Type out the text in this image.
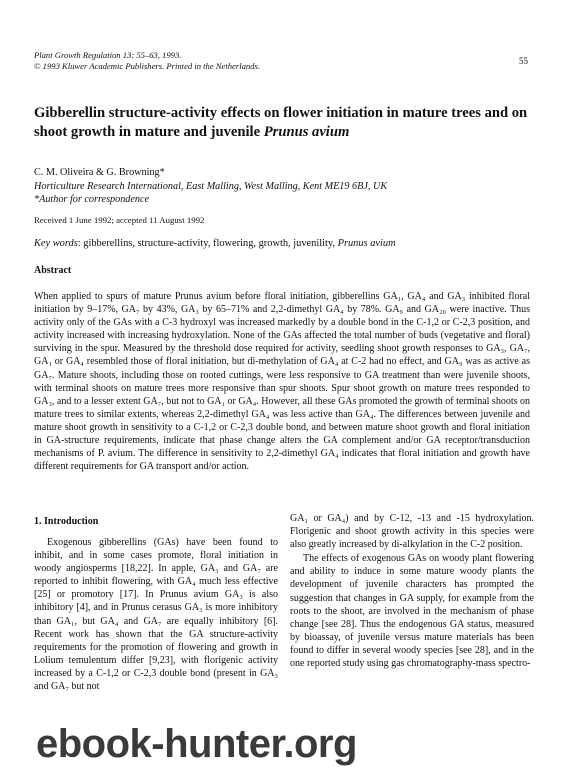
Plant Growth Regulation 13: 55–63, 1993.
© 1993 Kluwer Academic Publishers. Printed in the Netherlands.	55
Gibberellin structure-activity effects on flower initiation in mature trees and on shoot growth in mature and juvenile Prunus avium
C. M. Oliveira & G. Browning*
Horticulture Research International, East Malling, West Malling, Kent ME19 6BJ, UK
*Author for correspondence
Received 1 June 1992; accepted 11 August 1992
Key words: gibberellins, structure-activity, flowering, growth, juvenility, Prunus avium
Abstract
When applied to spurs of mature Prunus avium before floral initiation, gibberellins GA₁, GA₄ and GA₃ inhibited floral initiation by 9–17%, GA₇ by 43%, GA₃ by 65–71% and 2,2-dimethyl GA₄ by 78%. GA₉ and GA₂₀ were inactive. Thus activity only of the GAs with a C-3 hydroxyl was increased markedly by a double bond in the C-1,2 or C-2,3 position, and activity increased with increasing hydroxylation. None of the GAs affected the total number of buds (vegetative and floral) surviving in the spur. Measured by the threshold dose required for activity, seedling shoot growth responses to GA₃, GA₇, GA₁ or GA₄ resembled those of floral initiation, but di-methylation of GA₄ at C-2 had no effect, and GA₉ was as active as GA₇. Mature shoots, including those on rooted cuttings, were less responsive to GA treatment than were juvenile shoots, with terminal shoots on mature trees more responsive than spur shoots. Spur shoot growth on mature trees responded to GA₃, and to a lesser extent GA₇, but not to GA₁ or GA₄. However, all these GAs promoted the growth of terminal shoots on mature trees to similar extents, whereas 2,2-dimethyl GA₄ was less active than GA₄. The differences between juvenile and mature shoot growth in sensitivity to a C-1,2 or C-2,3 double bond, and between mature shoot growth and floral initiation in GA-structure requirements, indicate that phase change alters the GA complement and/or GA receptor/transduction mechanisms of P. avium. The difference in sensitivity to 2,2-dimethyl GA₄ indicates that floral initiation and growth have different requirements for GA transport and/or action.
1. Introduction
Exogenous gibberellins (GAs) have been found to inhibit, and in some cases promote, floral initiation in woody angiosperms [18,22]. In apple, GA₃ and GA₇ are reported to inhibit flowering, with GA₄ much less effective [25] or promotory [17]. In Prunus avium GA₃ is also inhibitory [4], and in Prunus cerasus GA₃ is more inhibitory than GA₁, but GA₄ and GA₇ are equally inhibitory [6]. Recent work has shown that the GA structure-activity requirements for the promotion of flowering and growth in Lolium temulentum differ [9,23], with florigenic activity increased by a C-1,2 or C-2,3 double bond (present in GA₃ and GA₇ but not

GA₁ or GA₄) and by C-12, -13 and -15 hydroxylation. Florigenic and shoot growth activity in this species were also greatly increased by di-alkylation in the C-2 position.

The effects of exogenous GAs on woody plant flowering and ability to induce in some mature woody plants the development of juvenile characters has prompted the suggestion that changes in GA supply, for example from the roots to the shoot, are involved in the mechanism of phase change [see 28]. Thus the endogenous GA status, measured by bioassay, of juvenile versus mature materials has been found to differ in several woody species [see 28], and in the one reported study using gas chromatography-mass spectro-

ebook-hunter.org
